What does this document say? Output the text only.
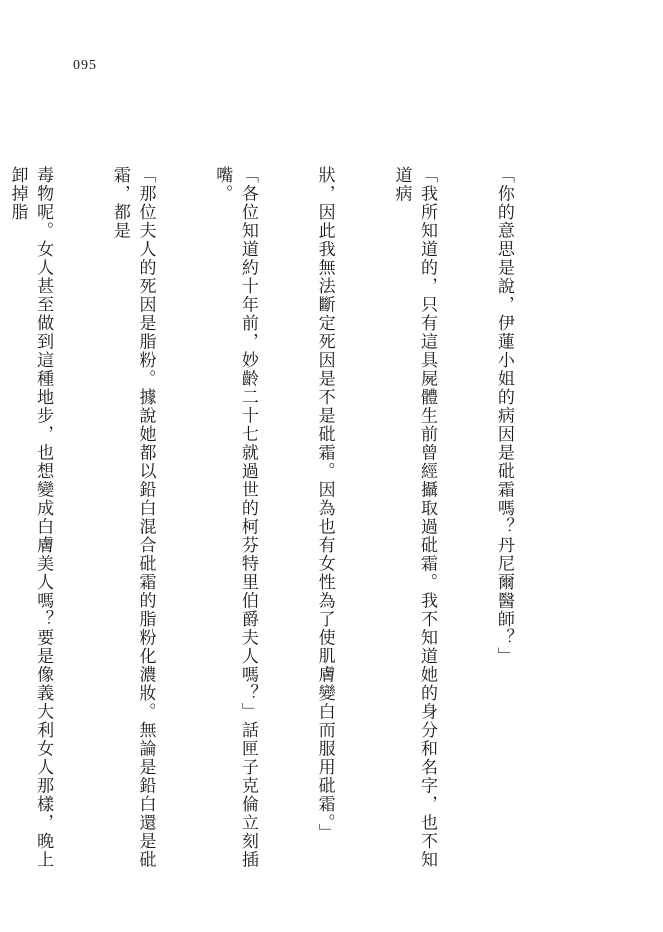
095

「你的意思是說，伊蓮小姐的病因是砒霜嗎？丹尼爾醫師？」

「我所知道的，只有這具屍體生前曾經攝取過砒霜。我不知道她的身分和名字，也不知道病

狀，因此我無法斷定死因是不是砒霜。因為也有女性為了使肌膚變白而服用砒霜。」

「各位知道約十年前，妙齡二十七就過世的柯芬特里伯爵夫人嗎？」話匣子克倫立刻插嘴。

「那位夫人的死因是脂粉。據說她都以鉛白混合砒霜的脂粉化濃妝。無論是鉛白還是砒霜，都是

毒物呢。女人甚至做到這種地步，也想變成白膚美人嗎？要是像義大利女人那樣，晚上卸掉脂
